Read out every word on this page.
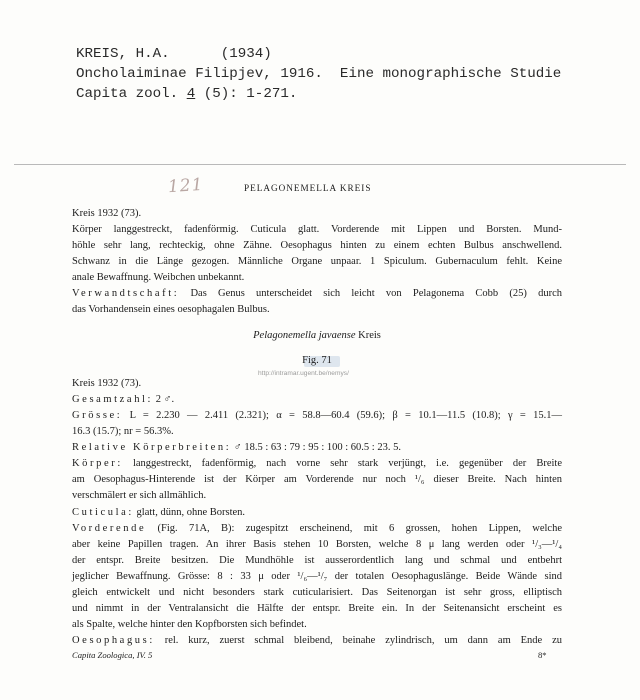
KREIS, H.A.      (1934)
Oncholaiminae Filipjev, 1916.  Eine monographische Studie
Capita zool. 4 (5): 1-271.
121	PELAGONEMELLA KREIS
Kreis 1932 (73).
Körper langgestreckt, fadenförmig. Cuticula glatt. Vorderende mit Lippen und Borsten. Mund-
höhle sehr lang, rechteckig, ohne Zähne. Oesophagus hinten zu einem echten Bulbus anschwellend.
Schwanz in die Länge gezogen. Männliche Organe unpaar. 1 Spiculum. Gubernaculum fehlt. Keine
anale Bewaffnung. Weibchen unbekannt.
Verwandtschaft: Das Genus unterscheidet sich leicht von Pelagonema Cobb (25) durch
das Vorhandensein eines oesophagalen Bulbus.
Pelagonemella javaense Kreis
Fig. 71
http://intramar.ugent.be/nemys/
Kreis 1932 (73).
Gesamtzahl: 2 ♂.
Grösse: L = 2.230 — 2.411 (2.321); α = 58.8—60.4 (59.6); β = 10.1—11.5 (10.8); γ = 15.1—
16.3 (15.7); nr = 56.3%.
Relative Körperbreiten: ♂ 18.5 : 63 : 79 : 95 : 100 : 60.5 : 23. 5.
Körper: langgestreckt, fadenförmig, nach vorne sehr stark verjüngt, i.e. gegenüber der Breite
am Oesophagus-Hinterende ist der Körper am Vorderende nur noch ¹/₆ dieser Breite. Nach hinten
verschmälert er sich allmählich.
Cuticula: glatt, dünn, ohne Borsten.
Vorderende (Fig. 71A, B): zugespitzt erscheinend, mit 6 grossen, hohen Lippen, welche
aber keine Papillen tragen. An ihrer Basis stehen 10 Borsten, welche 8 μ lang werden oder ¹/₃—¹/₄
der entspr. Breite besitzen. Die Mundhöhle ist ausserordentlich lang und schmal und entbehrt
jeglicher Bewaffnung. Grösse: 8 : 33 μ oder ¹/₆—¹/₇ der totalen Oesophaguslänge. Beide Wände sind
gleich entwickelt und nicht besonders stark cuticularisiert. Das Seitenorgan ist sehr gross, elliptisch
und nimmt in der Ventralansicht die Hälfte der entspr. Breite ein. In der Seitenansicht erscheint es
als Spalte, welche hinter den Kopfborsten sich befindet.
Oesophagus: rel. kurz, zuerst schmal bleibend, beinahe zylindrisch, um dann am Ende zu
Capita Zoologica, IV. 5	8*
